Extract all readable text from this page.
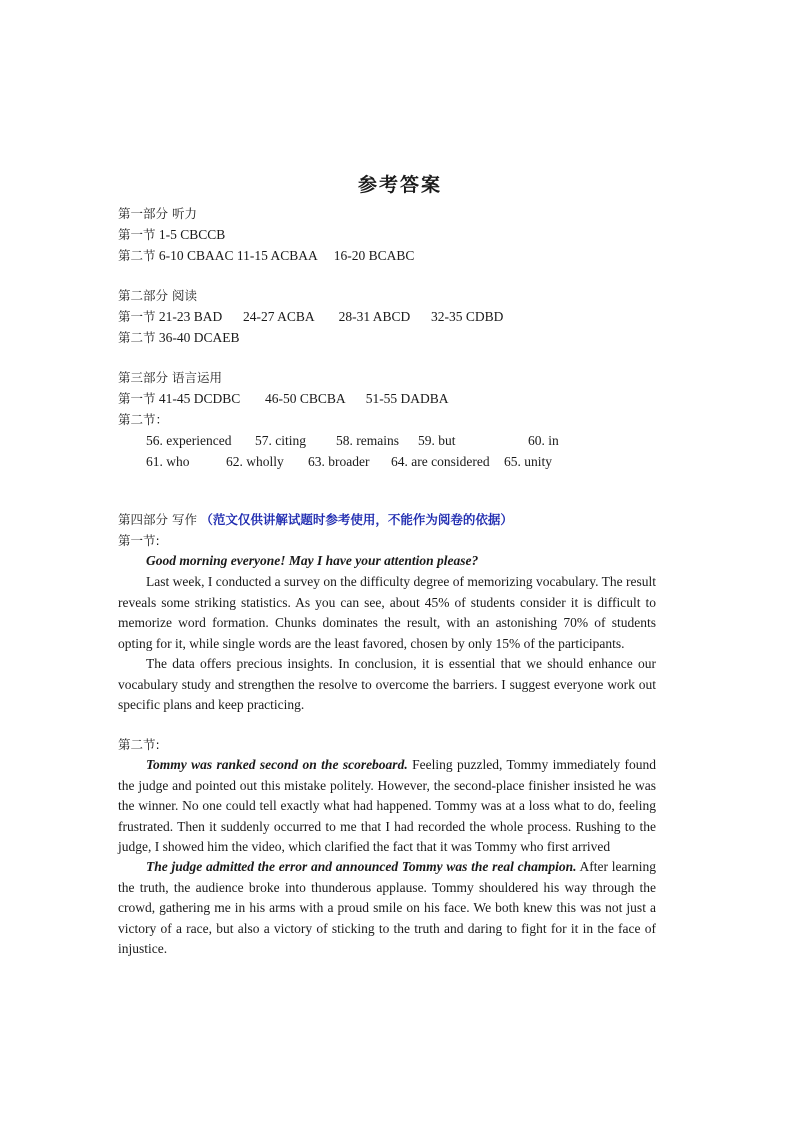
参考答案
第一部分 听力
第一节 1-5 CBCCB
第二节 6-10 CBAAC 11-15 ACBAA 16-20 BCABC
第二部分 阅读
第一节 21-23 BAD 24-27 ACBA 28-31 ABCD 32-35 CDBD
第二节 36-40 DCAEB
第三部分 语言运用
第一节 41-45 DCDBC 46-50 CBCBA 51-55 DADBA
第二节：
56. experienced 57. citing 58. remains 59. but	60. in
61. who	62. wholly 63. broader 64. are considered 65. unity
第四部分 写作 （范文仅供讲解试题时参考使用，不能作为阅卷的依据）
第一节:
Good morning everyone! May I have your attention please?

Last week, I conducted a survey on the difficulty degree of memorizing vocabulary. The result reveals some striking statistics. As you can see, about 45% of students consider it is difficult to memorize word formation. Chunks dominates the result, with an astonishing 70% of students opting for it, while single words are the least favored, chosen by only 15% of the participants.

The data offers precious insights. In conclusion, it is essential that we should enhance our vocabulary study and strengthen the resolve to overcome the barriers. I suggest everyone work out specific plans and keep practicing.

第二节:

Tommy was ranked second on the scoreboard. Feeling puzzled, Tommy immediately found the judge and pointed out this mistake politely. However, the second-place finisher insisted he was the winner. No one could tell exactly what had happened. Tommy was at a loss what to do, feeling frustrated. Then it suddenly occurred to me that I had recorded the whole process. Rushing to the judge, I showed him the video, which clarified the fact that it was Tommy who first arrived

The judge admitted the error and announced Tommy was the real champion. After learning the truth, the audience broke into thunderous applause. Tommy shouldered his way through the crowd, gathering me in his arms with a proud smile on his face. We both knew this was not just a victory of a race, but also a victory of sticking to the truth and daring to fight for it in the face of injustice.
